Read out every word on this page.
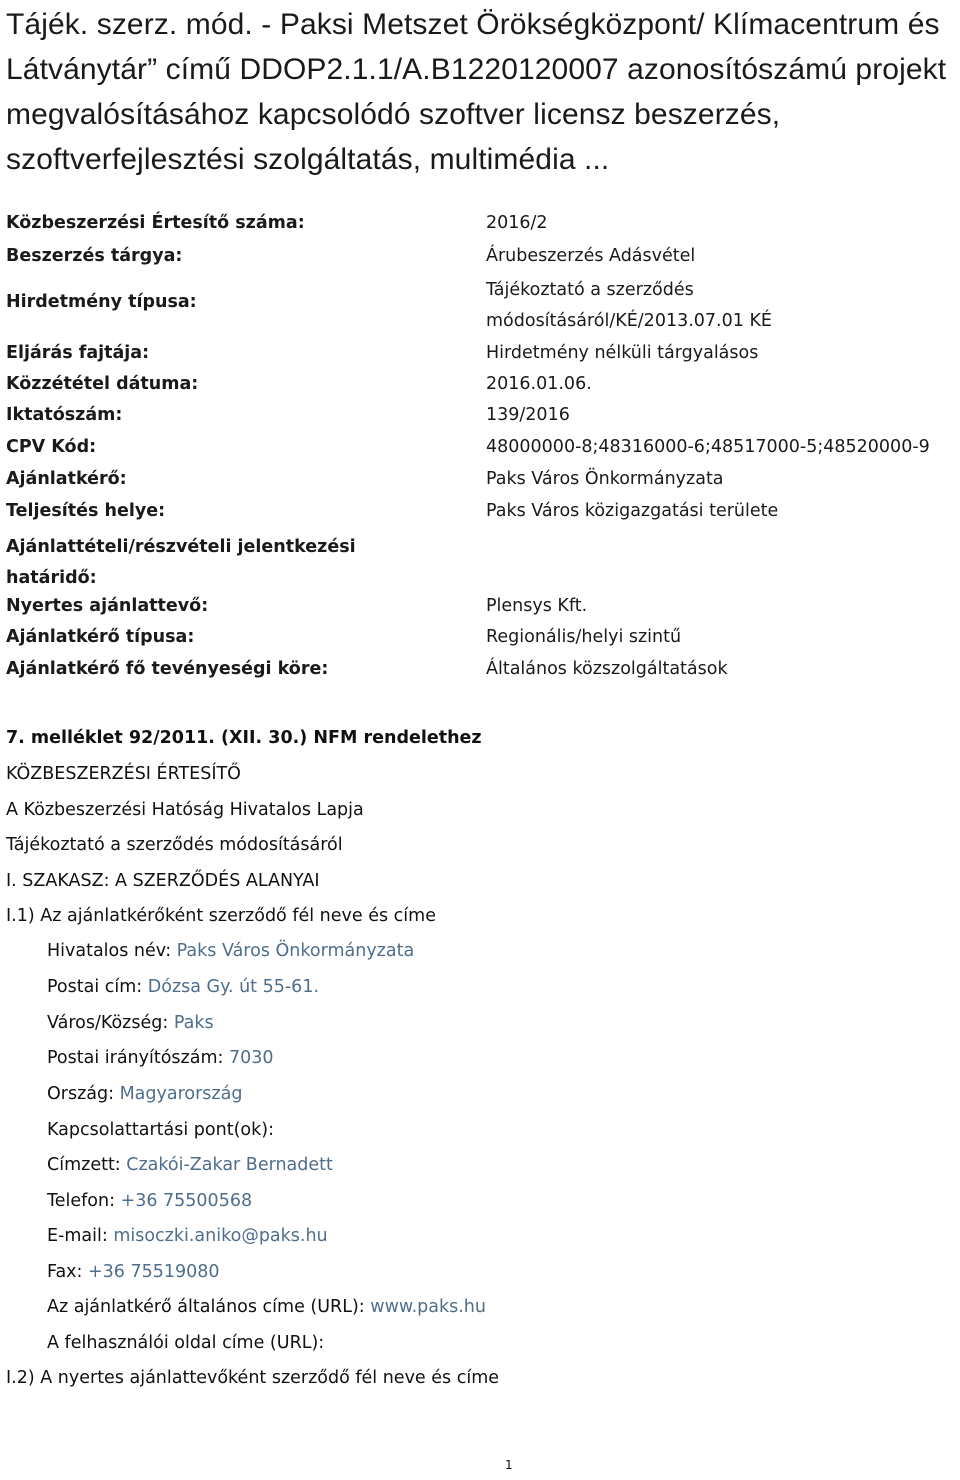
Tájék. szerz. mód. - Paksi Metszet Örökségközpont/ Klímacentrum és Látványtár” című DDOP2.1.1/A.B1220120007 azonosítószámú projekt megvalósításához kapcsolódó szoftver licensz beszerzés, szoftverfejlesztési szolgáltatás, multimédia ...
Közbeszerzési Értesítő száma:	2016/2
Beszerzés tárgya:	Árubeszerzés Adásvétel
Hirdetmény típusa:
Tájékoztató a szerződés
módosításáról/KÉ/2013.07.01 KÉ
Eljárás fajtája:	Hirdetmény nélküli tárgyalásos
Közzététel dátuma:	2016.01.06.
Iktatószám:	139/2016
CPV Kód:	48000000-8;48316000-6;48517000-5;48520000-9
Ajánlatkérő:	Paks Város Önkormányzata
Teljesítés helye:	Paks Város közigazgatási területe
Ajánlattételi/részvételi jelentkezési
határidő:
Nyertes ajánlattevő:	Plensys Kft.
Ajánlatkérő típusa:	Regionális/helyi szintű
Ajánlatkérő fő tevényeségi köre:	Általános közszolgáltatások
7. melléklet 92/2011. (XII. 30.) NFM rendelethez
KÖZBESZERZÉSI ÉRTESÍTŐ
A Közbeszerzési Hatóság Hivatalos Lapja
Tájékoztató a szerződés módosításáról
I. SZAKASZ: A SZERZŐDÉS ALANYAI
I.1) Az ajánlatkérőként szerződő fél neve és címe
Hivatalos név: Paks Város Önkormányzata
Postai cím: Dózsa Gy. út 55-61.
Város/Község: Paks
Postai irányítószám: 7030
Ország: Magyarország
Kapcsolattartási pont(ok):
Címzett: Czakói-Zakar Bernadett
Telefon: +36 75500568
E-mail: misoczki.aniko@paks.hu
Fax: +36 75519080
Az ajánlatkérő általános címe (URL): www.paks.hu
A felhasználói oldal címe (URL):
I.2) A nyertes ajánlattevőként szerződő fél neve és címe
1
